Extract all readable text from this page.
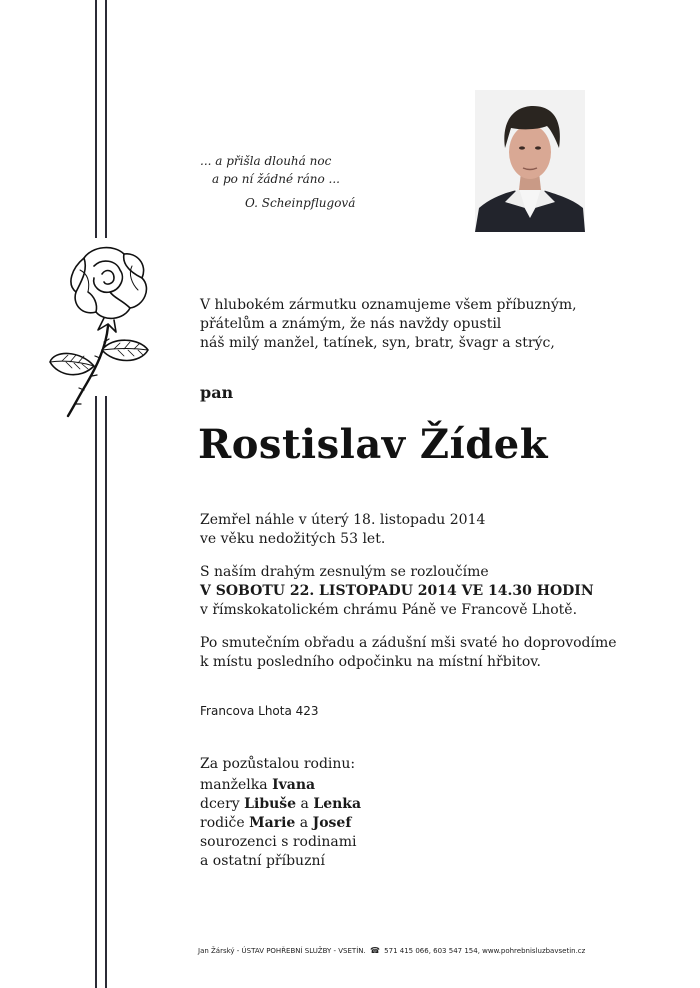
... a přišla dlouhá noc
a po ní žádné ráno ...
O. Scheinpflugová
V hlubokém zármutku oznamujeme všem příbuzným,
přátelům a známým, že nás navždy opustil
náš milý manžel, tatínek, syn, bratr, švagr a strýc,
pan
Rostislav Žídek
Zemřel náhle v úterý 18. listopadu 2014
ve věku nedožitých 53 let.
S naším drahým zesnulým se rozloučíme
V SOBOTU 22. LISTOPADU 2014 VE 14.30 HODIN
v římskokatolickém chrámu Páně ve Francově Lhotě.
Po smutečním obřadu a zádušní mši svaté ho doprovodíme
k místu posledního odpočinku na místní hřbitov.
Francova Lhota 423
Za pozůstalou rodinu:
manželka Ivana
dcery Libuše a Lenka
rodiče Marie a Josef
sourozenci s rodinami
a ostatní příbuzní
Jan Žárský - ÚSTAV POHŘEBNÍ SLUŽBY - VSETÍN. ☎ 571 415 066, 603 547 154, www.pohrebnisluzbavsetin.cz
